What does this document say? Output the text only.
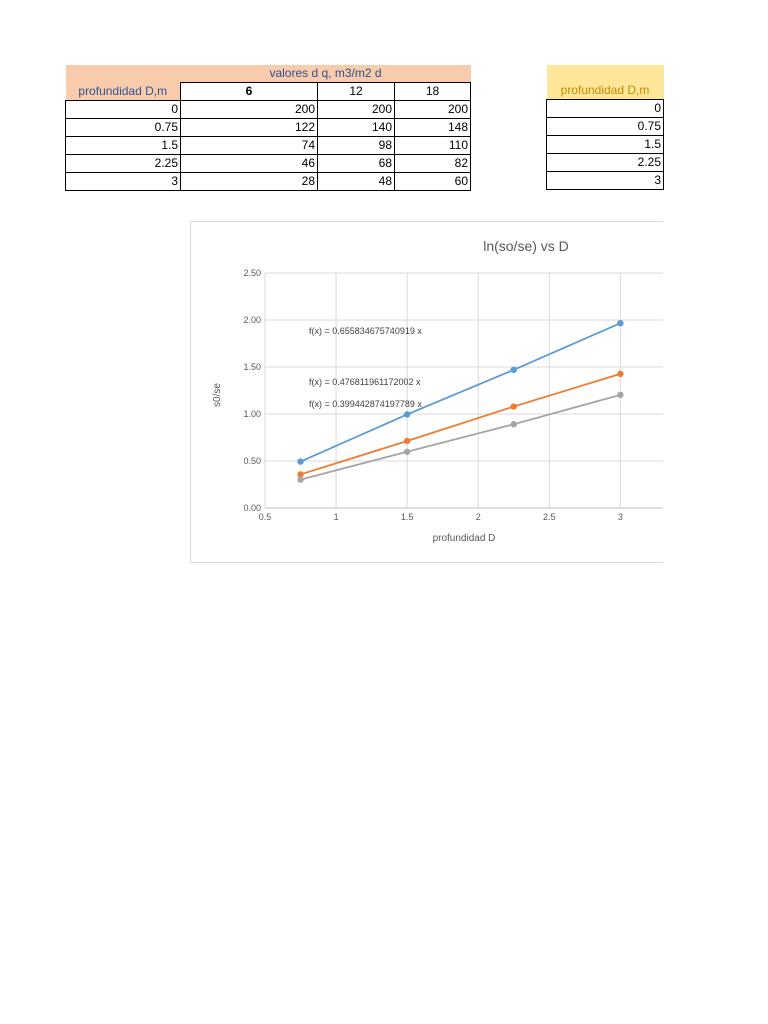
	valores d q, m3/m2 d		
profundidad D,m	6	12	18
0	200	200	200
0.75	122	140	148
1.5	74	98	110
2.25	46	68	82
3	28	48	60

profundidad D,m
0
0.75
1.5
2.25
3
ln(so/se) vs D
0.00
0.50
1.00
1.50
2.00
2.50
0.5	1	1.5	2	2.5	3
profundidad D
s0/se
f(x) = 0.655834675740919 x
f(x) = 0.476811961172002 x
f(x) = 0.399442874197789 x
